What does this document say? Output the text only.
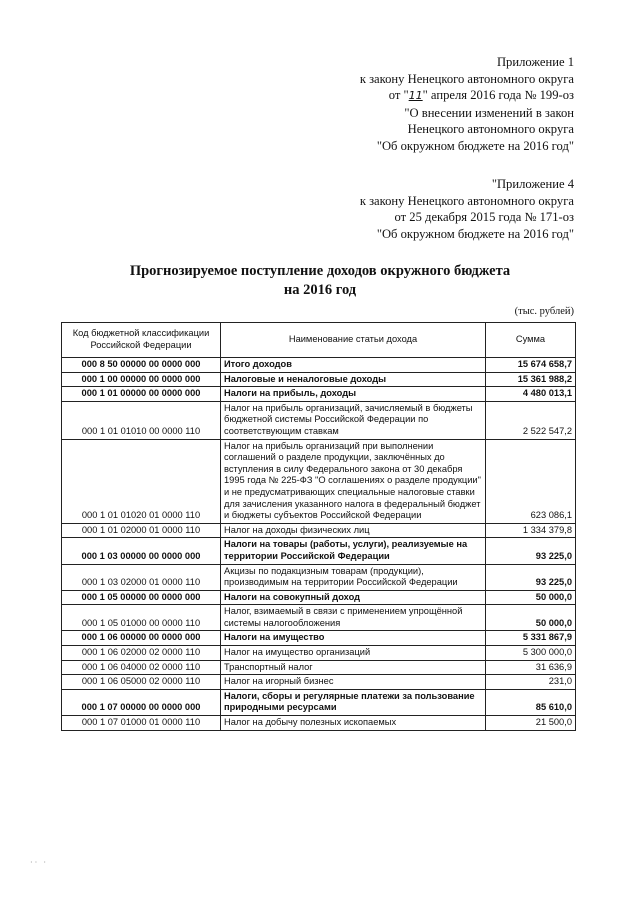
Приложение 1
к закону Ненецкого автономного округа
от "11" апреля 2016 года № 199-оз
"О внесении изменений в закон
Ненецкого автономного округа
"Об окружном бюджете на 2016 год"
"Приложение 4
к закону Ненецкого автономного округа
от 25 декабря 2015 года № 171-оз
"Об окружном бюджете на 2016 год"
Прогнозируемое поступление доходов окружного бюджета
на 2016 год
(тыс. рублей)
Код бюджетной классификации Российской Федерации	Наименование статьи дохода	Сумма
000 8 50 00000 00 0000 000	Итого доходов	15 674 658,7
000 1 00 00000 00 0000 000	Налоговые и неналоговые доходы	15 361 988,2
000 1 01 00000 00 0000 000	Налоги на прибыль, доходы	4 480 013,1
000 1 01 01010 00 0000 110	Налог на прибыль организаций, зачисляемый в бюджеты бюджетной системы Российской Федерации по соответствующим ставкам	2 522 547,2
000 1 01 01020 01 0000 110	Налог на прибыль организаций при выполнении соглашений о разделе продукции, заключённых до вступления в силу Федерального закона от 30 декабря 1995 года № 225-ФЗ "О соглашениях о разделе продукции" и не предусматривающих специальные налоговые ставки для зачисления указанного налога в федеральный бюджет и бюджеты субъектов Российской Федерации	623 086,1
000 1 01 02000 01 0000 110	Налог на доходы физических лиц	1 334 379,8
000 1 03 00000 00 0000 000	Налоги на товары (работы, услуги), реализуемые на территории Российской Федерации	93 225,0
000 1 03 02000 01 0000 110	Акцизы по подакцизным товарам (продукции), производимым на территории Российской Федерации	93 225,0
000 1 05 00000 00 0000 000	Налоги на совокупный доход	50 000,0
000 1 05 01000 00 0000 110	Налог, взимаемый в связи с применением упрощённой системы налогообложения	50 000,0
000 1 06 00000 00 0000 000	Налоги на имущество	5 331 867,9
000 1 06 02000 02 0000 110	Налог на имущество организаций	5 300 000,0
000 1 06 04000 02 0000 110	Транспортный налог	31 636,9
000 1 06 05000 02 0000 110	Налог на игорный бизнес	231,0
000 1 07 00000 00 0000 000	Налоги, сборы и регулярные платежи за пользование природными ресурсами	85 610,0
000 1 07 01000 01 0000 110	Налог на добычу полезных ископаемых	21 500,0
·· ·
